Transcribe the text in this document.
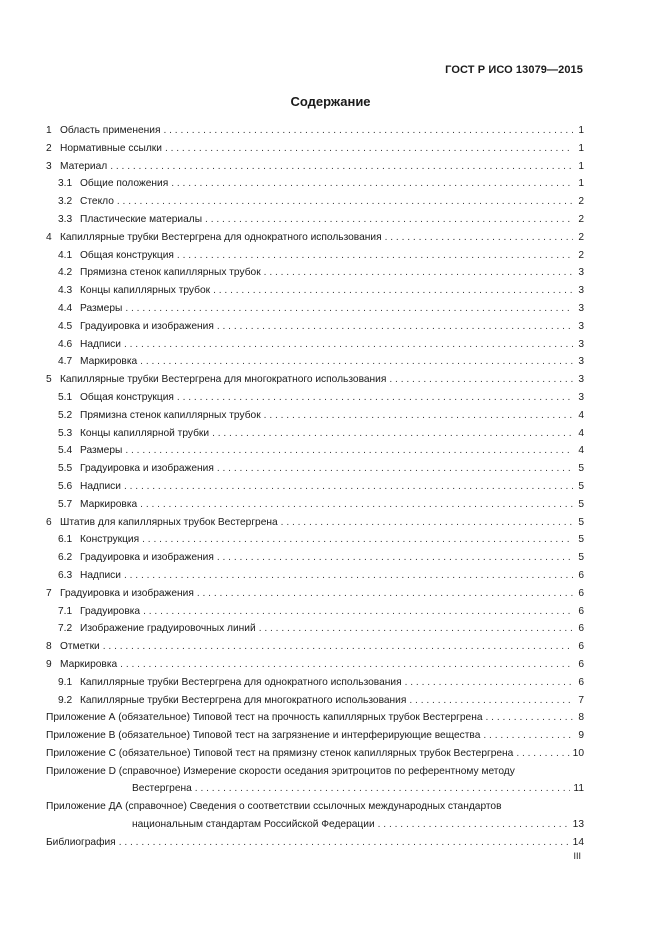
ГОСТ Р ИСО 13079—2015
Содержание
1 Область применения . . .	1
2 Нормативные ссылки . . .	1
3 Материал . . .	1
3.1 Общие положения . . .	1
3.2 Стекло . . .	2
3.3 Пластические материалы . . .	2
4 Капиллярные трубки Вестергрена для однократного использования . . .	2
4.1 Общая конструкция . . .	2
4.2 Прямизна стенок капиллярных трубок . . .	3
4.3 Концы капиллярных трубок . . .	3
4.4 Размеры . . .	3
4.5 Градуировка и изображения . . .	3
4.6 Надписи . . .	3
4.7 Маркировка . . .	3
5 Капиллярные трубки Вестергрена для многократного использования . . .	3
5.1 Общая конструкция . . .	3
5.2 Прямизна стенок капиллярных трубок . . .	4
5.3 Концы капиллярной трубки . . .	4
5.4 Размеры . . .	4
5.5 Градуировка и изображения . . .	5
5.6 Надписи . . .	5
5.7 Маркировка . . .	5
6 Штатив для капиллярных трубок Вестергрена . . .	5
6.1 Конструкция . . .	5
6.2 Градуировка и изображения . . .	5
6.3 Надписи . . .	6
7 Градуировка и изображения . . .	6
7.1 Градуировка . . .	6
7.2 Изображение градуировочных линий . . .	6
8 Отметки . . .	6
9 Маркировка . . .	6
9.1 Капиллярные трубки Вестергрена для однократного использования . . .	6
9.2 Капиллярные трубки Вестергрена для многократного использования . . .	7
Приложение А (обязательное) Типовой тест на прочность капиллярных трубок Вестергрена . . .	8
Приложение В (обязательное) Типовой тест на загрязнение и интерферирующие вещества . . .	9
Приложение С (обязательное) Типовой тест на прямизну стенок капиллярных трубок Вестергрена . . .	10
Приложение D (справочное) Измерение скорости оседания эритроцитов по референтному методу
Вестергрена . . .	11
Приложение ДА (справочное) Сведения о соответствии ссылочных международных стандартов
национальным стандартам Российской Федерации . . .	13
Библиография . . .	14
III
